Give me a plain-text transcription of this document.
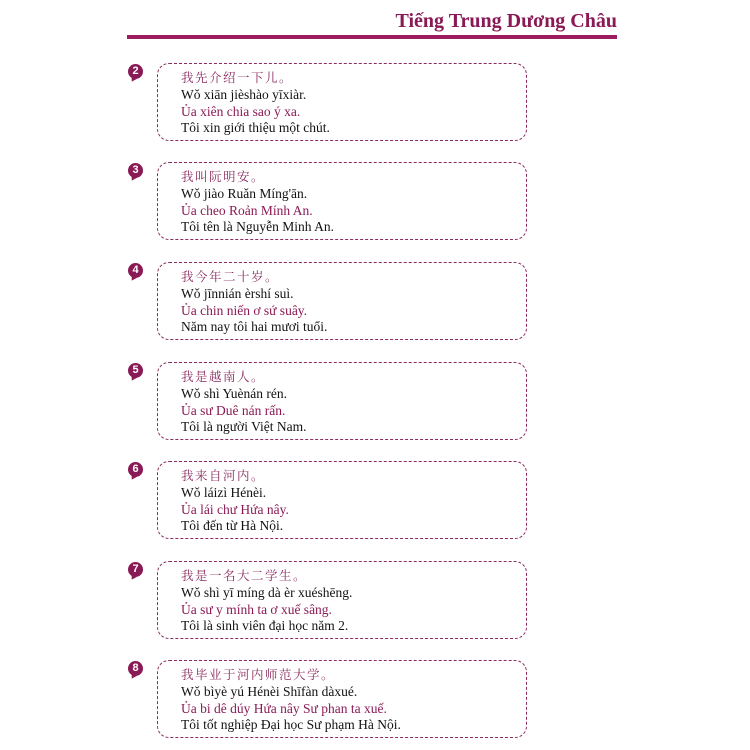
Tiếng Trung Dương Châu
2	我先介绍一下儿。
Wǒ xiān jièshào yīxiàr.
Ủa xiên chia sao ý xa.
Tôi xin giới thiệu một chút.
3	我叫阮明安。
Wǒ jiào Ruǎn Míng'ān.
Ủa cheo Roản Mính An.
Tôi tên là Nguyễn Minh An.
4	我今年二十岁。
Wǒ jīnnián èrshí suì.
Ủa chin niến ơ sứ suây.
Năm nay tôi hai mươi tuổi.
5	我是越南人。
Wǒ shì Yuènán rén.
Ủa sư Duê nán rấn.
Tôi là người Việt Nam.
6	我来自河内。
Wǒ láizì Hénèi.
Ủa lái chư Hứa nây.
Tôi đến từ Hà Nội.
7	我是一名大二学生。
Wǒ shì yī míng dà èr xuéshēng.
Ủa sư y mính ta ơ xuế sâng.
Tôi là sinh viên đại học năm 2.
8	我毕业于河内师范大学。
Wǒ bìyè yú Hénèi Shīfàn dàxué.
Ủa bi dê dúy Hứa nây Sư phan ta xuế.
Tôi tốt nghiệp Đại học Sư phạm Hà Nội.
